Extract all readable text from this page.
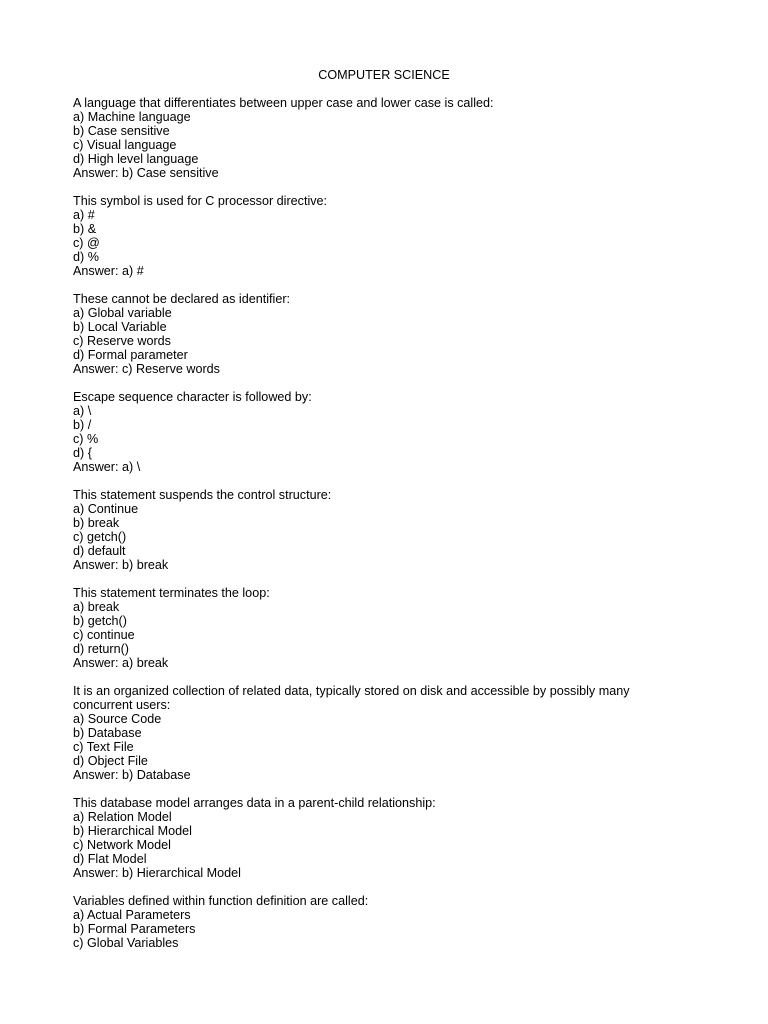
COMPUTER SCIENCE
A language that differentiates between upper case and lower case is called:
a) Machine language
b) Case sensitive
c) Visual language
d) High level language
Answer: b) Case sensitive
This symbol is used for C processor directive:
a) #
b) &
c) @
d) %
Answer: a) #
These cannot be declared as identifier:
a) Global variable
b) Local Variable
c) Reserve words
d) Formal parameter
Answer: c) Reserve words
Escape sequence character is followed by:
a) \
b) /
c) %
d) {
Answer: a) \
This statement suspends the control structure:
a) Continue
b) break
c) getch()
d) default
Answer: b) break
This statement terminates the loop:
a) break
b) getch()
c) continue
d) return()
Answer: a) break
It is an organized collection of related data, typically stored on disk and accessible by possibly many concurrent users:
a) Source Code
b) Database
c) Text File
d) Object File
Answer: b) Database
This database model arranges data in a parent-child relationship:
a) Relation Model
b) Hierarchical Model
c) Network Model
d) Flat Model
Answer: b) Hierarchical Model
Variables defined within function definition are called:
a) Actual Parameters
b) Formal Parameters
c) Global Variables
